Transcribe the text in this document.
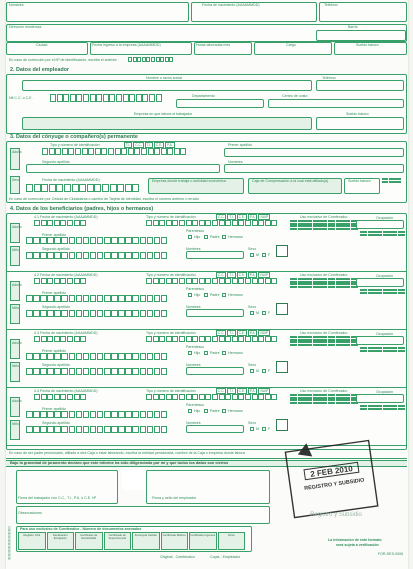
Nombres	Fecha de nacimiento (AAAAMMDD)	Teléfono
Dirección residencia	Barrio
Ciudad	Fecha ingreso a la empresa (AAAAMMDD)	Horas laboradas mes	Cargo	Sueldo básico
En caso de corrección por el Nº de identificación, escriba el anterior
2. Datos del empleador
Nombre o razón social	Teléfono
Nit C.C. o C.E.	Departamento	Centro de costo
Empresa en que labora el trabajador	Sueldo básico
3. Datos del cónyuge o compañero(s) permanente
Tipo y número de identificación	T.I.	C.C.	T.I.	C.E.	P.A.	Primer apellido
Adulto
Segundo apellido	Nombres
Sexo	Fecha de nacimiento (AAAAMMDD)	Empresa donde trabaja o actividad económica	Caja de Compensación a la cual está afiliado(a)	Sueldo básico
En caso de corrección por Cédula de Ciudadanía o cambio de Tarjeta de Identidad, escriba el número anterior o errado
4. Datos de los beneficiarios (padres, hijos o hermanos)
4.1 Fecha de nacimiento (AAAAMMDD)	Tipo y número de identificación	C.C.	T.I.	C.E.	P.A.	NUIP
Adulto
Primer apellido
Parentesco
Hijo	Padre Hermano
Niño	Segundo apellido	Nombres	Sexo
M	F
Uso exclusivo de Comfenalco	Ocupación
4.2 Fecha de nacimiento (AAAAMMDD)	Tipo y número de identificación	C.C.	T.I.	C.E.	P.A.	NUIP
Adulto
Primer apellido
Parentesco
Hijo	Padre Hermano
Niño	Segundo apellido	Nombres	Sexo
M	F
Uso exclusivo de Comfenalco	Ocupación
4.3 Fecha de nacimiento (AAAAMMDD)	Tipo y número de identificación	C.C.	T.I.	C.E.	P.A.	NUIP
Adulto
Primer apellido
Parentesco
Hijo	Padre Hermano
Niño	Segundo apellido	Nombres	Sexo
M	F
Uso exclusivo de Comfenalco	Ocupación
4.4 Fecha de nacimiento (AAAAMMDD)	Tipo y número de identificación	C.C.	T.I.	C.E.	P.A.	NUIP
Adulto
Primer apellido
Parentesco
Hijo	Padre Hermano
Niño	Segundo apellido	Nombres	Sexo
M	F
Uso exclusivo de Comfenalco	Ocupación
En caso de ser padre pensionado, afiliado a otra Caja o estar laborando, escriba la entidad pensionada, nombre de la Caja o empresa donde labora
Bajo la gravedad de juramento declaro que este informe ha sido diligenciado por mí y que todos los datos son ciertos
Firma del trabajador con C.C., T.I., P.A. ó C.E. Nº	Firma y sello del empleador
Observaciones
Para uso exclusivo de Comfenalco - Número de documentos anexados
Registro Civil	Declaración Extrajuicio
Certificado de Escolaridad
Certificado de Supervivencia
Fotocopia Cédula	Certificado Médico	Certificado Ingresos	Otros
Original - Comfenalco	Copia - Empleador
La información de este formato
será sujeta a verificación
FOR-SES-0006
|||||||||||||||||||||||||||||||||||||||||||
2 FEB 2010
REGISTRO Y SUBSIDIO
Registro y Subsidio
